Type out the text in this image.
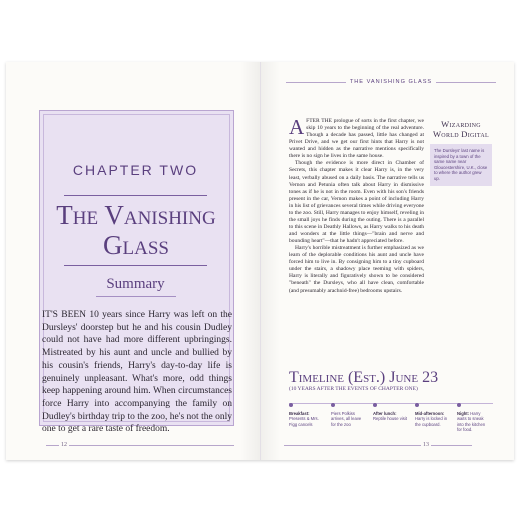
CHAPTER TWO
The Vanishing Glass
Summary
IT'S BEEN 10 years since Harry was left on the Dursleys' doorstep but he and his cousin Dudley could not have had more different upbringings. Mistreated by his aunt and uncle and bullied by his cousin's friends, Harry's day-to-day life is genuinely unpleasant. What's more, odd things keep happening around him. When circumstances force Harry into accompanying the family on Dudley's birthday trip to the zoo, he's not the only one to get a rare taste of freedom.
12
THE VANISHING GLASS

AFTER THE prologue of sorts in the first chapter, we skip 10 years to the beginning of the real adventure. Though a decade has passed, little has changed at Privet Drive, and we get our first hints that Harry is not wanted and hidden as the narrative mentions specifically there is no sign he lives in the same house.

Though the evidence is more direct in Chamber of Secrets, this chapter makes it clear Harry is, in the very least, verbally abused on a daily basis. The narrative tells us Vernon and Petunia often talk about Harry in dismissive tones as if he is not in the room. Even with his son's friends present in the car, Vernon makes a point of including Harry in his list of grievances several times while driving everyone to the zoo. Still, Harry manages to enjoy himself, reveling in the small joys he finds during the outing. There is a parallel to this scene in Deathly Hallows, as Harry walks to his death and wonders at the little things—"brain and nerve and bounding heart"—that he hadn't appreciated before.

Harry's horrible mistreatment is further emphasized as we learn of the deplorable conditions his aunt and uncle have forced him to live in. By consigning him to a tiny cupboard under the stairs, a shadowy place teeming with spiders, Harry is literally and figuratively shown to be considered "beneath" the Dursleys, who all have clean, comfortable (and presumably arachnid-free) bedrooms upstairs.

Wizarding
World Digital
The Dursleys' last name is inspired by a town of the same name near Gloucestershire, U.K., close to where the author grew up.
Timeline (Est.) June 23
(10 YEARS AFTER THE EVENTS OF CHAPTER ONE)
Breakfast: Presents & Mrs. Figg cancels
Piers Polkiss arrives, all leave for the zoo
After lunch: Reptile house visit
Mid-afternoon: Harry is locked in the cupboard.
Night: Harry waits to sneak into the kitchen for food.
13
